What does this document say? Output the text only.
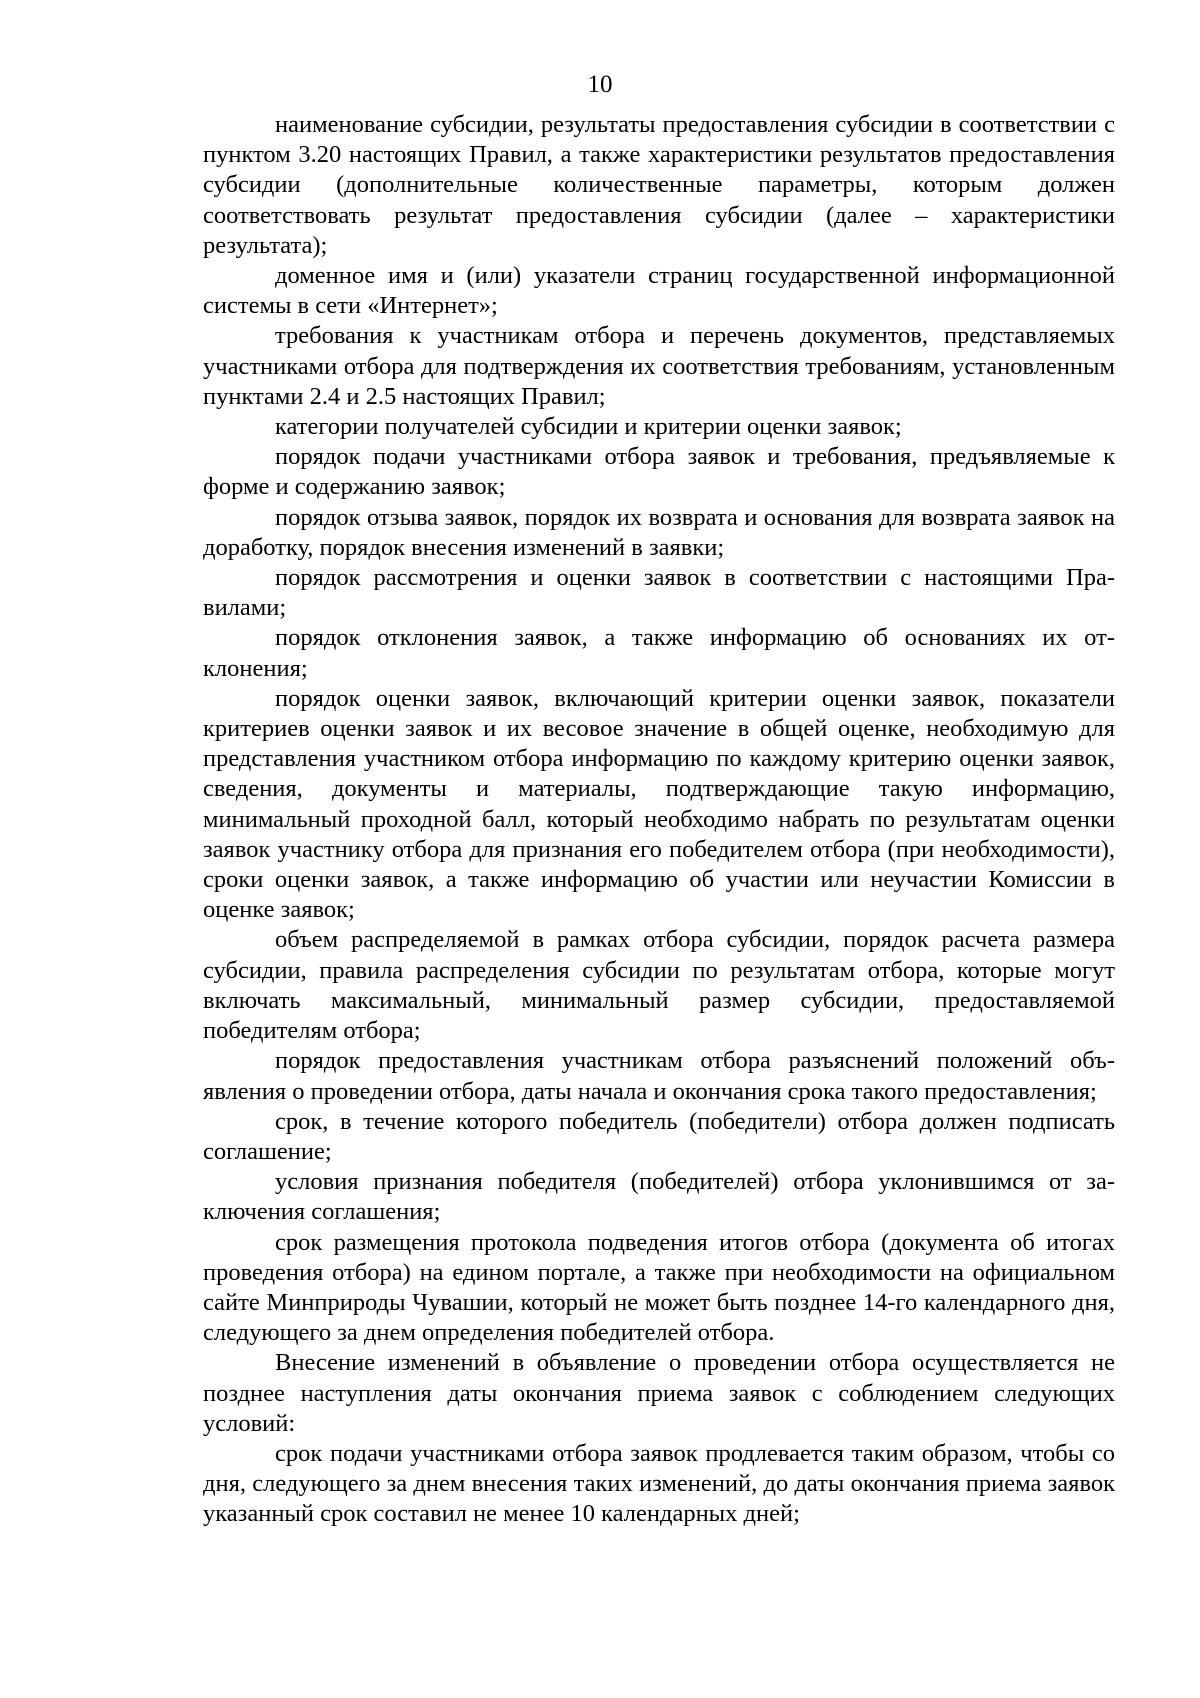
10

наименование субсидии, результаты предоставления субсидии в соответствии с пунктом 3.20 настоящих Правил, а также характеристики результатов предоставления субсидии (дополнительные количественные параметры, которым должен соответствовать результат предоставления субсидии (далее – характеристики результата);

доменное имя и (или) указатели страниц государственной информационной системы в сети «Интернет»;

требования к участникам отбора и перечень документов, представляемых участниками отбора для подтверждения их соответствия требованиям, установленным пунктами 2.4 и 2.5 настоящих Правил;

категории получателей субсидии и критерии оценки заявок;

порядок подачи участниками отбора заявок и требования, предъявляемые к форме и содержанию заявок;

порядок отзыва заявок, порядок их возврата и основания для возврата заявок на доработку, порядок внесения изменений в заявки;

порядок рассмотрения и оценки заявок в соответствии с настоящими Правилами;

порядок отклонения заявок, а также информацию об основаниях их отклонения;

порядок оценки заявок, включающий критерии оценки заявок, показатели критериев оценки заявок и их весовое значение в общей оценке, необходимую для представления участником отбора информацию по каждому критерию оценки заявок, сведения, документы и материалы, подтверждающие такую информацию, минимальный проходной балл, который необходимо набрать по результатам оценки заявок участнику отбора для признания его победителем отбора (при необходимости), сроки оценки заявок, а также информацию об участии или неучастии Комиссии в оценке заявок;

объем распределяемой в рамках отбора субсидии, порядок расчета размера субсидии, правила распределения субсидии по результатам отбора, которые могут включать максимальный, минимальный размер субсидии, предоставляемой победителям отбора;

порядок предоставления участникам отбора разъяснений положений объявления о проведении отбора, даты начала и окончания срока такого предоставления;

срок, в течение которого победитель (победители) отбора должен подписать соглашение;

условия признания победителя (победителей) отбора уклонившимся от заключения соглашения;

срок размещения протокола подведения итогов отбора (документа об итогах проведения отбора) на едином портале, а также при необходимости на официальном сайте Минприроды Чувашии, который не может быть позднее 14-го календарного дня, следующего за днем определения победителей отбора.

Внесение изменений в объявление о проведении отбора осуществляется не позднее наступления даты окончания приема заявок с соблюдением следующих условий:

срок подачи участниками отбора заявок продлевается таким образом, чтобы со дня, следующего за днем внесения таких изменений, до даты окончания приема заявок указанный срок составил не менее 10 календарных дней;
